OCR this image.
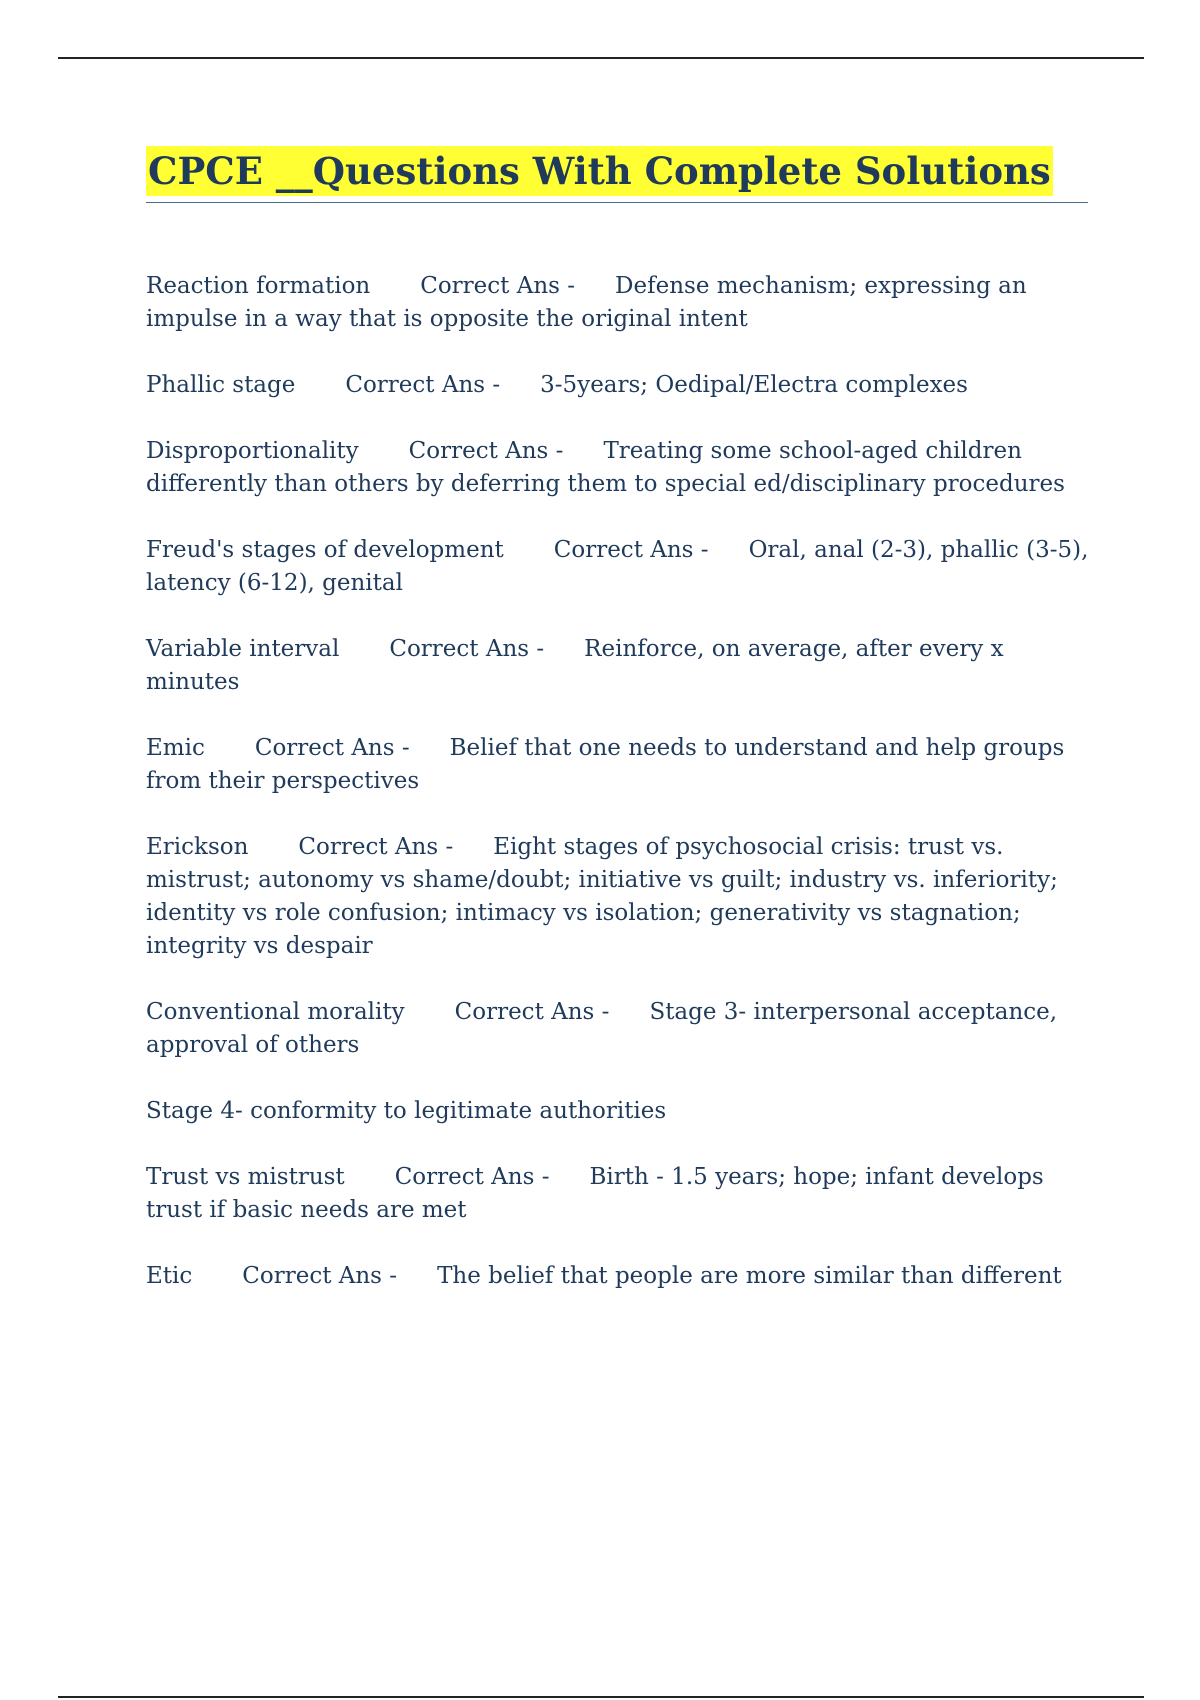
CPCE __Questions With Complete Solutions

Reaction formation Correct Ans - Defense mechanism; expressing an impulse in a way that is opposite the original intent

Phallic stage Correct Ans - 3-5years; Oedipal/Electra complexes

Disproportionality Correct Ans - Treating some school-aged children differently than others by deferring them to special ed/disciplinary procedures

Freud's stages of development Correct Ans - Oral, anal (2-3), phallic (3-5), latency (6-12), genital

Variable interval Correct Ans - Reinforce, on average, after every x minutes

Emic Correct Ans - Belief that one needs to understand and help groups from their perspectives

Erickson Correct Ans - Eight stages of psychosocial crisis: trust vs. mistrust; autonomy vs shame/doubt; initiative vs guilt; industry vs. inferiority; identity vs role confusion; intimacy vs isolation; generativity vs stagnation; integrity vs despair

Conventional morality Correct Ans - Stage 3- interpersonal acceptance, approval of others

Stage 4- conformity to legitimate authorities

Trust vs mistrust Correct Ans - Birth - 1.5 years; hope; infant develops trust if basic needs are met

Etic Correct Ans - The belief that people are more similar than different
